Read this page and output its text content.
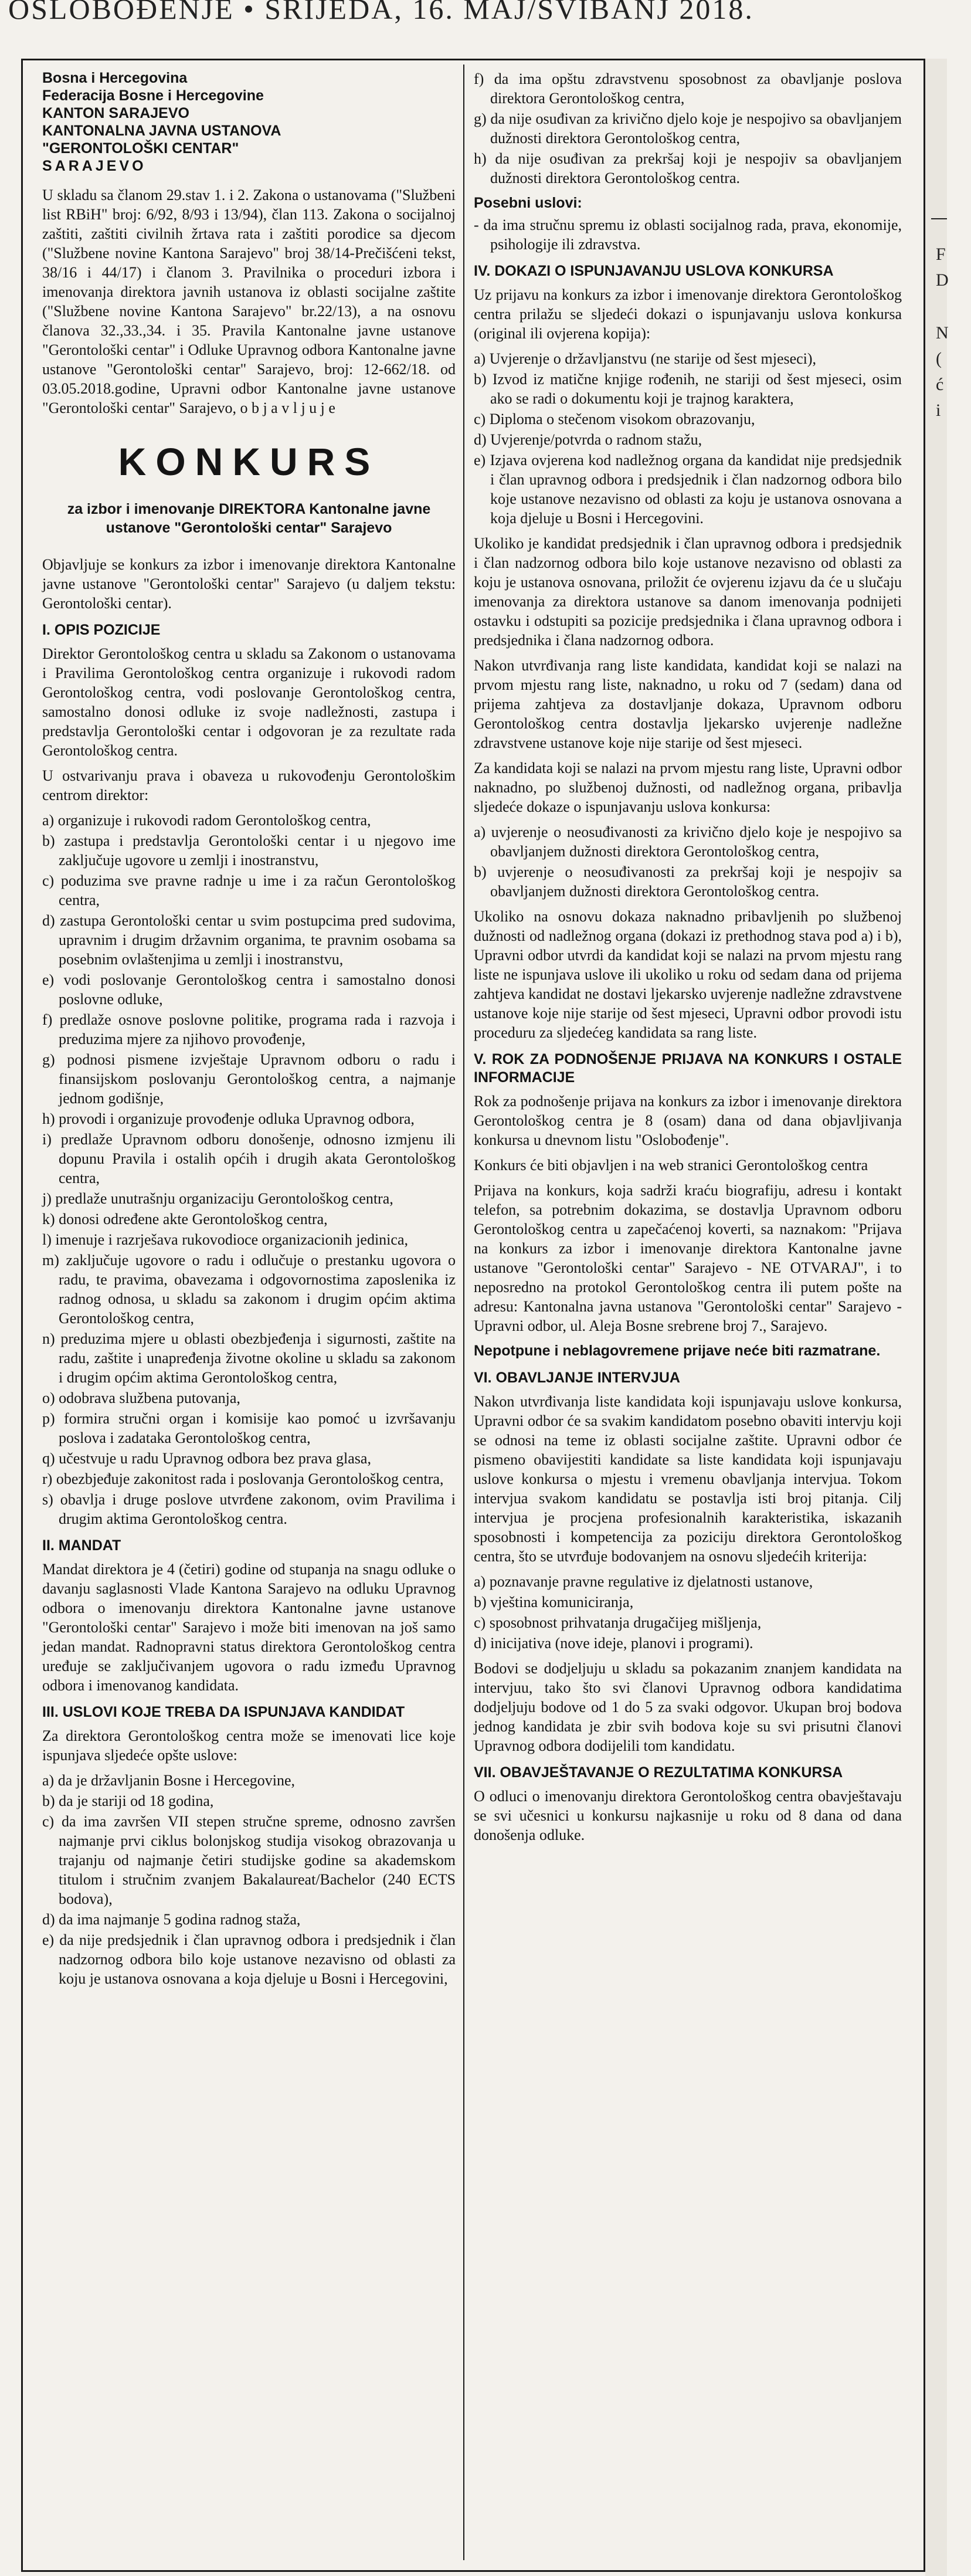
OSLOBOĐENJE • SRIJEDA, 16. MAJ/SVIBANJ 2018.
F
D
N
(
ć
i
Bosna i Hercegovina
Federacija Bosne i Hercegovine
KANTON SARAJEVO
KANTONALNA JAVNA USTANOVA
"GERONTOLOŠKI CENTAR"
SARAJEVO

U skladu sa članom 29.stav 1. i 2. Zakona o ustanovama ("Službeni list RBiH" broj: 6/92, 8/93 i 13/94), član 113. Zakona o socijalnoj zaštiti, zaštiti civilnih žrtava rata i zaštiti porodice sa djecom ("Službene novine Kantona Sarajevo" broj 38/14-Prečišćeni tekst, 38/16 i 44/17) i članom 3. Pravilnika o proceduri izbora i imenovanja direktora javnih ustanova iz oblasti socijalne zaštite ("Službene novine Kantona Sarajevo" br.22/13), a na osnovu članova 32.,33.,34. i 35. Pravila Kantonalne javne ustanove "Gerontološki centar" i Odluke Upravnog odbora Kantonalne javne ustanove "Gerontološki centar" Sarajevo, broj: 12-662/18. od 03.05.2018.godine, Upravni odbor Kantonalne javne ustanove "Gerontološki centar" Sarajevo, o b j a v l j u j e

KONKURS
za izbor i imenovanje DIREKTORA Kantonalne javne ustanove "Gerontološki centar" Sarajevo

Objavljuje se konkurs za izbor i imenovanje direktora Kantonalne javne ustanove "Gerontološki centar" Sarajevo (u daljem tekstu: Gerontološki centar).

I. OPIS POZICIJE

Direktor Gerontološkog centra u skladu sa Zakonom o ustanovama i Pravilima Gerontološkog centra organizuje i rukovodi radom Gerontološkog centra, vodi poslovanje Gerontološkog centra, samostalno donosi odluke iz svoje nadležnosti, zastupa i predstavlja Gerontološki centar i odgovoran je za rezultate rada Gerontološkog centra.

U ostvarivanju prava i obaveza u rukovođenju Gerontološkim centrom direktor:

a) organizuje i rukovodi radom Gerontološkog centra,
b) zastupa i predstavlja Gerontološki centar i u njegovo ime zaključuje ugovore u zemlji i inostranstvu,
c) poduzima sve pravne radnje u ime i za račun Gerontološkog centra,
d) zastupa Gerontološki centar u svim postupcima pred sudovima, upravnim i drugim državnim organima, te pravnim osobama sa posebnim ovlaštenjima u zemlji i inostranstvu,
e) vodi poslovanje Gerontološkog centra i samostalno donosi poslovne odluke,
f) predlaže osnove poslovne politike, programa rada i razvoja i preduzima mjere za njihovo provođenje,
g) podnosi pismene izvještaje Upravnom odboru o radu i finansijskom poslovanju Gerontološkog centra, a najmanje jednom godišnje,
h) provodi i organizuje provođenje odluka Upravnog odbora,
i) predlaže Upravnom odboru donošenje, odnosno izmjenu ili dopunu Pravila i ostalih općih i drugih akata Gerontološkog centra,
j) predlaže unutrašnju organizaciju Gerontološkog centra,
k) donosi određene akte Gerontološkog centra,
l) imenuje i razrješava rukovodioce organizacionih jedinica,
m) zaključuje ugovore o radu i odlučuje o prestanku ugovora o radu, te pravima, obavezama i odgovornostima zaposlenika iz radnog odnosa, u skladu sa zakonom i drugim općim aktima Gerontološkog centra,
n) preduzima mjere u oblasti obezbjeđenja i sigurnosti, zaštite na radu, zaštite i unapređenja životne okoline u skladu sa zakonom i drugim općim aktima Gerontološkog centra,
o) odobrava službena putovanja,
p) formira stručni organ i komisije kao pomoć u izvršavanju poslova i zadataka Gerontološkog centra,
q) učestvuje u radu Upravnog odbora bez prava glasa,
r) obezbjeđuje zakonitost rada i poslovanja Gerontološkog centra,
s) obavlja i druge poslove utvrđene zakonom, ovim Pravilima i drugim aktima Gerontološkog centra.
II. MANDAT

Mandat direktora je 4 (četiri) godine od stupanja na snagu odluke o davanju saglasnosti Vlade Kantona Sarajevo na odluku Upravnog odbora o imenovanju direktora Kantonalne javne ustanove "Gerontološki centar" Sarajevo i može biti imenovan na još samo jedan mandat. Radnopravni status direktora Gerontološkog centra uređuje se zaključivanjem ugovora o radu između Upravnog odbora i imenovanog kandidata.

III. USLOVI KOJE TREBA DA ISPUNJAVA KANDIDAT

Za direktora Gerontološkog centra može se imenovati lice koje ispunjava sljedeće opšte uslove:

a) da je državljanin Bosne i Hercegovine,
b) da je stariji od 18 godina,
c) da ima završen VII stepen stručne spreme, odnosno završen najmanje prvi ciklus bolonjskog studija visokog obrazovanja u trajanju od najmanje četiri studijske godine sa akademskom titulom i stručnim zvanjem Bakalaureat/Bachelor (240 ECTS bodova),
d) da ima najmanje 5 godina radnog staža,
e) da nije predsjednik i član upravnog odbora i predsjednik i član nadzornog odbora bilo koje ustanove nezavisno od oblasti za koju je ustanova osnovana a koja djeluje u Bosni i Hercegovini,
f) da ima opštu zdravstvenu sposobnost za obavljanje poslova direktora Gerontološkog centra,
g) da nije osuđivan za krivično djelo koje je nespojivo sa obavljanjem dužnosti direktora Gerontološkog centra,
h) da nije osuđivan za prekršaj koji je nespojiv sa obavljanjem dužnosti direktora Gerontološkog centra.
Posebni uslovi:
- da ima stručnu spremu iz oblasti socijalnog rada, prava, ekonomije, psihologije ili zdravstva.
IV. DOKAZI O ISPUNJAVANJU USLOVA KONKURSA

Uz prijavu na konkurs za izbor i imenovanje direktora Gerontološkog centra prilažu se sljedeći dokazi o ispunjavanju uslova konkursa (original ili ovjerena kopija):

a) Uvjerenje o državljanstvu (ne starije od šest mjeseci),
b) Izvod iz matične knjige rođenih, ne stariji od šest mjeseci, osim ako se radi o dokumentu koji je trajnog karaktera,
c) Diploma o stečenom visokom obrazovanju,
d) Uvjerenje/potvrda o radnom stažu,
e) Izjava ovjerena kod nadležnog organa da kandidat nije predsjednik i član upravnog odbora i predsjednik i član nadzornog odbora bilo koje ustanove nezavisno od oblasti za koju je ustanova osnovana a koja djeluje u Bosni i Hercegovini.

Ukoliko je kandidat predsjednik i član upravnog odbora i predsjednik i član nadzornog odbora bilo koje ustanove nezavisno od oblasti za koju je ustanova osnovana, priložit će ovjerenu izjavu da će u slučaju imenovanja za direktora ustanove sa danom imenovanja podnijeti ostavku i odstupiti sa pozicije predsjednika i člana upravnog odbora i predsjednika i člana nadzornog odbora.

Nakon utvrđivanja rang liste kandidata, kandidat koji se nalazi na prvom mjestu rang liste, naknadno, u roku od 7 (sedam) dana od prijema zahtjeva za dostavljanje dokaza, Upravnom odboru Gerontološkog centra dostavlja ljekarsko uvjerenje nadležne zdravstvene ustanove koje nije starije od šest mjeseci.

Za kandidata koji se nalazi na prvom mjestu rang liste, Upravni odbor naknadno, po službenoj dužnosti, od nadležnog organa, pribavlja sljedeće dokaze o ispunjavanju uslova konkursa:

a) uvjerenje o neosuđivanosti za krivično djelo koje je nespojivo sa obavljanjem dužnosti direktora Gerontološkog centra,
b) uvjerenje o neosuđivanosti za prekršaj koji je nespojiv sa obavljanjem dužnosti direktora Gerontološkog centra.

Ukoliko na osnovu dokaza naknadno pribavljenih po službenoj dužnosti od nadležnog organa (dokazi iz prethodnog stava pod a) i b), Upravni odbor utvrdi da kandidat koji se nalazi na prvom mjestu rang liste ne ispunjava uslove ili ukoliko u roku od sedam dana od prijema zahtjeva kandidat ne dostavi ljekarsko uvjerenje nadležne zdravstvene ustanove koje nije starije od šest mjeseci, Upravni odbor provodi istu proceduru za sljedećeg kandidata sa rang liste.

V. ROK ZA PODNOŠENJE PRIJAVA NA KONKURS I OSTALE INFORMACIJE

Rok za podnošenje prijava na konkurs za izbor i imenovanje direktora Gerontološkog centra je 8 (osam) dana od dana objavljivanja konkursa u dnevnom listu "Oslobođenje".

Konkurs će biti objavljen i na web stranici Gerontološkog centra

Prijava na konkurs, koja sadrži kraću biografiju, adresu i kontakt telefon, sa potrebnim dokazima, se dostavlja Upravnom odboru Gerontološkog centra u zapečaćenoj koverti, sa naznakom: "Prijava na konkurs za izbor i imenovanje direktora Kantonalne javne ustanove "Gerontološki centar" Sarajevo - NE OTVARAJ", i to neposredno na protokol Gerontološkog centra ili putem pošte na adresu: Kantonalna javna ustanova "Gerontološki centar" Sarajevo - Upravni odbor, ul. Aleja Bosne srebrene broj 7., Sarajevo.

Nepotpune i neblagovremene prijave neće biti razmatrane.
VI. OBAVLJANJE INTERVJUA

Nakon utvrđivanja liste kandidata koji ispunjavaju uslove konkursa, Upravni odbor će sa svakim kandidatom posebno obaviti intervju koji se odnosi na teme iz oblasti socijalne zaštite. Upravni odbor će pismeno obavijestiti kandidate sa liste kandidata koji ispunjavaju uslove konkursa o mjestu i vremenu obavljanja intervjua. Tokom intervjua svakom kandidatu se postavlja isti broj pitanja. Cilj intervjua je procjena profesionalnih karakteristika, iskazanih sposobnosti i kompetencija za poziciju direktora Gerontološkog centra, što se utvrđuje bodovanjem na osnovu sljedećih kriterija:

a) poznavanje pravne regulative iz djelatnosti ustanove,
b) vještina komuniciranja,
c) sposobnost prihvatanja drugačijeg mišljenja,
d) inicijativa (nove ideje, planovi i programi).

Bodovi se dodjeljuju u skladu sa pokazanim znanjem kandidata na intervjuu, tako što svi članovi Upravnog odbora kandidatima dodjeljuju bodove od 1 do 5 za svaki odgovor. Ukupan broj bodova jednog kandidata je zbir svih bodova koje su svi prisutni članovi Upravnog odbora dodijelili tom kandidatu.

VII. OBAVJEŠTAVANJE O REZULTATIMA KONKURSA

O odluci o imenovanju direktora Gerontološkog centra obavještavaju se svi učesnici u konkursu najkasnije u roku od 8 dana od dana donošenja odluke.
